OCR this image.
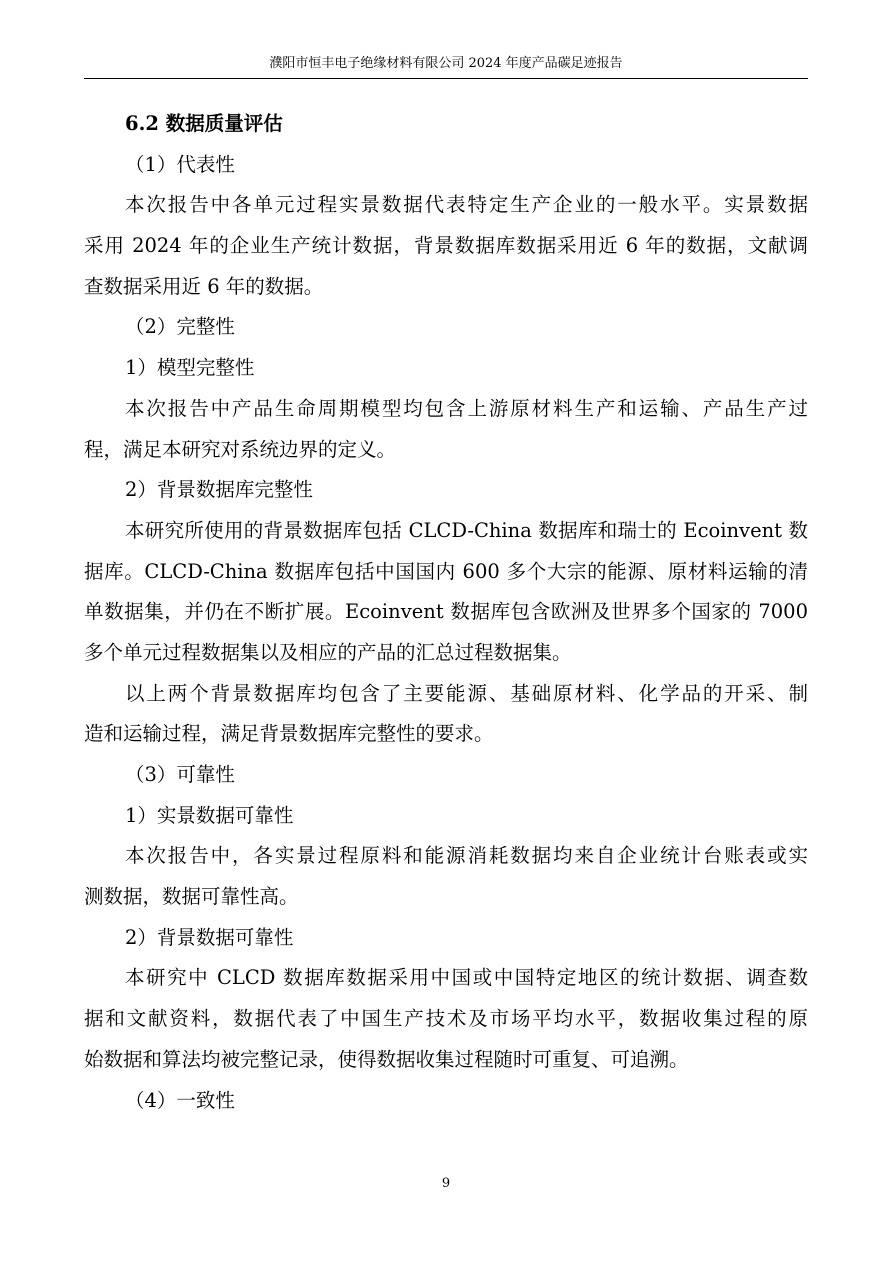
濮阳市恒丰电子绝缘材料有限公司 2024 年度产品碳足迹报告
6.2 数据质量评估
（1）代表性
本次报告中各单元过程实景数据代表特定生产企业的一般水平。实景数据
采用 2024 年的企业生产统计数据，背景数据库数据采用近 6 年的数据，文献调
查数据采用近 6 年的数据。
（2）完整性
1）模型完整性
本次报告中产品生命周期模型均包含上游原材料生产和运输、产品生产过
程，满足本研究对系统边界的定义。
2）背景数据库完整性
本研究所使用的背景数据库包括 CLCD-China 数据库和瑞士的 Ecoinvent 数
据库。CLCD-China 数据库包括中国国内 600 多个大宗的能源、原材料运输的清
单数据集，并仍在不断扩展。Ecoinvent 数据库包含欧洲及世界多个国家的 7000
多个单元过程数据集以及相应的产品的汇总过程数据集。
以上两个背景数据库均包含了主要能源、基础原材料、化学品的开采、制
造和运输过程，满足背景数据库完整性的要求。
（3）可靠性
1）实景数据可靠性
本次报告中，各实景过程原料和能源消耗数据均来自企业统计台账表或实
测数据，数据可靠性高。
2）背景数据可靠性
本研究中 CLCD 数据库数据采用中国或中国特定地区的统计数据、调查数
据和文献资料，数据代表了中国生产技术及市场平均水平，数据收集过程的原
始数据和算法均被完整记录，使得数据收集过程随时可重复、可追溯。
（4）一致性
9
